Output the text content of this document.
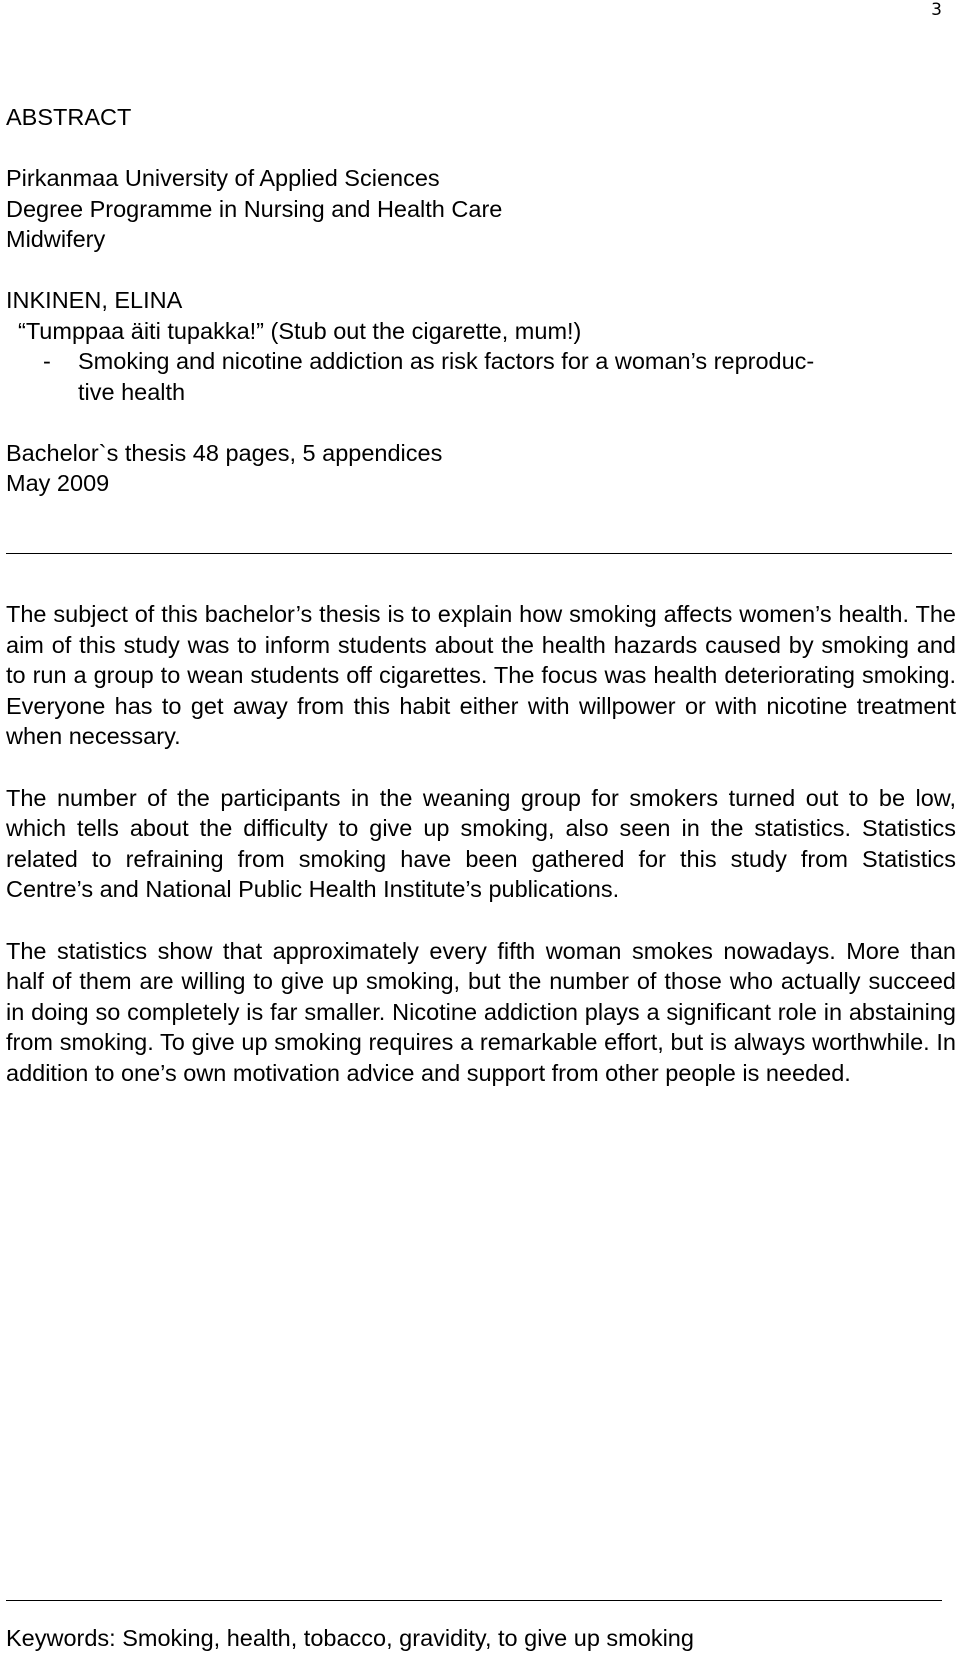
3
ABSTRACT
Pirkanmaa University of Applied Sciences
Degree Programme in Nursing and Health Care
Midwifery
INKINEN, ELINA
“Tumppaa äiti tupakka!” (Stub out the cigarette, mum!)
- Smoking and nicotine addiction as risk factors for a woman’s reproduc-
tive health
Bachelor`s thesis 48 pages, 5 appendices
May 2009

The subject of this bachelor’s thesis is to explain how smoking affects women’s health. The aim of this study was to inform students about the health hazards caused by smoking and to run a group to wean students off cigarettes. The focus was health deteriorating smoking. Everyone has to get away from this habit either with willpower or with nicotine treatment when necessary.

The number of the participants in the weaning group for smokers turned out to be low, which tells about the difficulty to give up smoking, also seen in the statistics. Statistics related to refraining from smoking have been gathered for this study from Statistics Centre’s and National Public Health Institute’s publications.

The statistics show that approximately every fifth woman smokes nowadays. More than half of them are willing to give up smoking, but the number of those who actually succeed in doing so completely is far smaller. Nicotine addiction plays a significant role in abstaining from smoking. To give up smoking requires a remarkable effort, but is always worthwhile. In addition to one’s own motivation advice and support from other people is needed.

Keywords: Smoking, health, tobacco, gravidity, to give up smoking
